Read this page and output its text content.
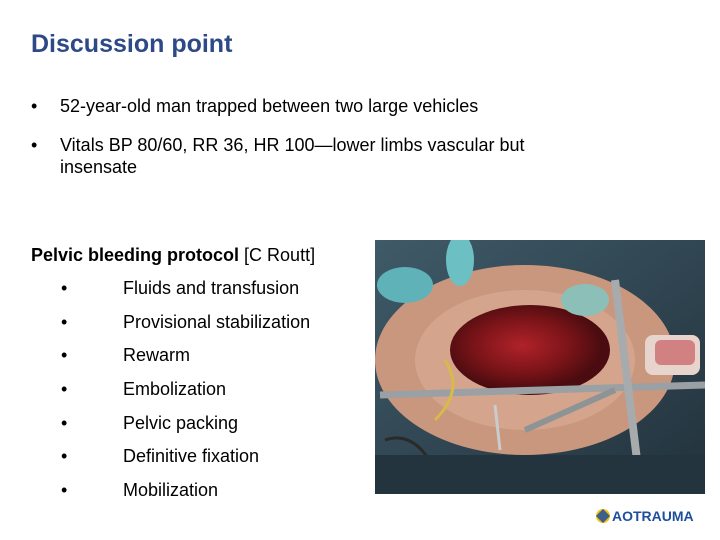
Discussion point
•	52-year-old man trapped between two large vehicles
•	Vitals BP 80/60, RR 36, HR 100—lower limbs vascular but insensate
Pelvic bleeding protocol [C Routt]
•	Fluids and transfusion
•	Provisional stabilization
•	Rewarm
•	Embolization
•	Pelvic packing
•	Definitive fixation
•	Mobilization
AO TRAUMA
